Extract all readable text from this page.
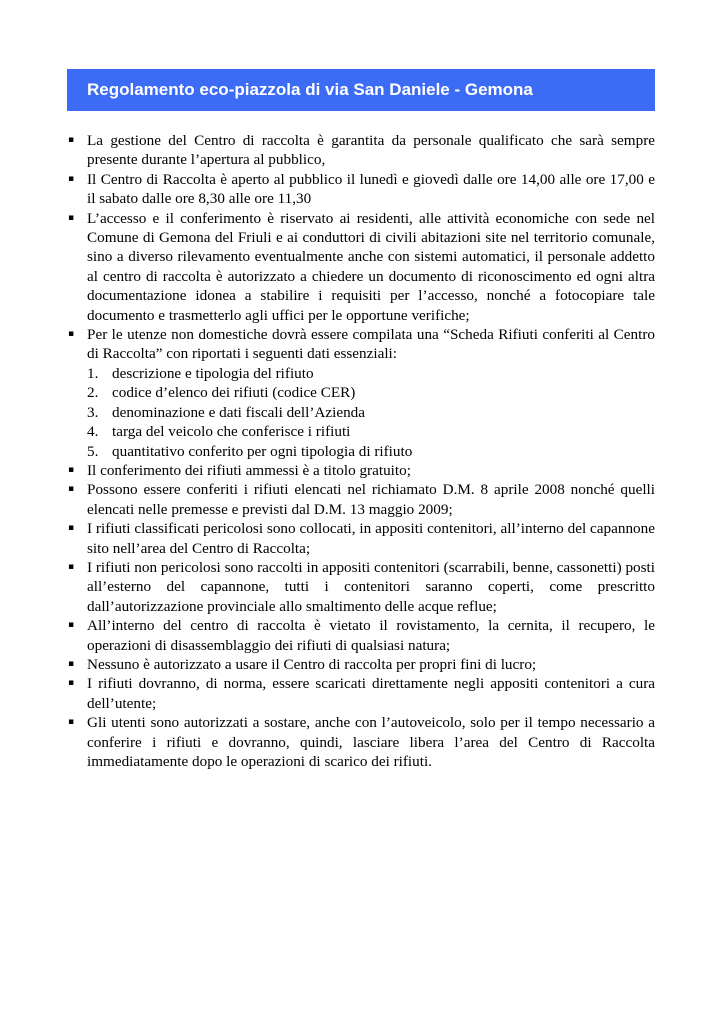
Regolamento eco-piazzola di via San Daniele - Gemona
▪ La gestione del Centro di raccolta è garantita da personale qualificato che sarà sempre presente durante l’apertura al pubblico,
▪ Il Centro di Raccolta è aperto al pubblico il lunedì e giovedì dalle ore 14,00 alle ore 17,00 e il sabato dalle ore 8,30 alle ore 11,30
▪ L’accesso e il conferimento è riservato ai residenti, alle attività economiche con sede nel Comune di Gemona del Friuli e ai conduttori di civili abitazioni site nel territorio comunale, sino a diverso rilevamento eventualmente anche con sistemi automatici, il personale addetto al centro di raccolta è autorizzato a chiedere un documento di riconoscimento ed ogni altra documentazione idonea a stabilire i requisiti per l’accesso, nonché a fotocopiare tale documento e trasmetterlo agli uffici per le opportune verifiche;
▪ Per le utenze non domestiche dovrà essere compilata una “Scheda Rifiuti conferiti al Centro di Raccolta” con riportati i seguenti dati essenziali:
1. descrizione e tipologia del rifiuto
2. codice d’elenco dei rifiuti (codice CER)
3. denominazione e dati fiscali dell’Azienda
4. targa del veicolo che conferisce i rifiuti
5. quantitativo conferito per ogni tipologia di rifiuto
▪ Il conferimento dei rifiuti ammessi è a titolo gratuito;
▪ Possono essere conferiti i rifiuti elencati nel richiamato D.M. 8 aprile 2008 nonché quelli elencati nelle premesse e previsti dal D.M. 13 maggio 2009;
▪ I rifiuti classificati pericolosi sono collocati, in appositi contenitori, all’interno del capannone sito nell’area del Centro di Raccolta;
▪ I rifiuti non pericolosi sono raccolti in appositi contenitori (scarrabili, benne, cassonetti) posti all’esterno del capannone, tutti i contenitori saranno coperti, come prescritto dall’autorizzazione provinciale allo smaltimento delle acque reflue;
▪ All’interno del centro di raccolta è vietato il rovistamento, la cernita, il recupero, le operazioni di disassemblaggio dei rifiuti di qualsiasi natura;
▪ Nessuno è autorizzato a usare il Centro di raccolta per propri fini di lucro;
▪ I rifiuti dovranno, di norma, essere scaricati direttamente negli appositi contenitori a cura dell’utente;
▪ Gli utenti sono autorizzati a sostare, anche con l’autoveicolo, solo per il tempo necessario a conferire i rifiuti e dovranno, quindi, lasciare libera l’area del Centro di Raccolta immediatamente dopo le operazioni di scarico dei rifiuti.
